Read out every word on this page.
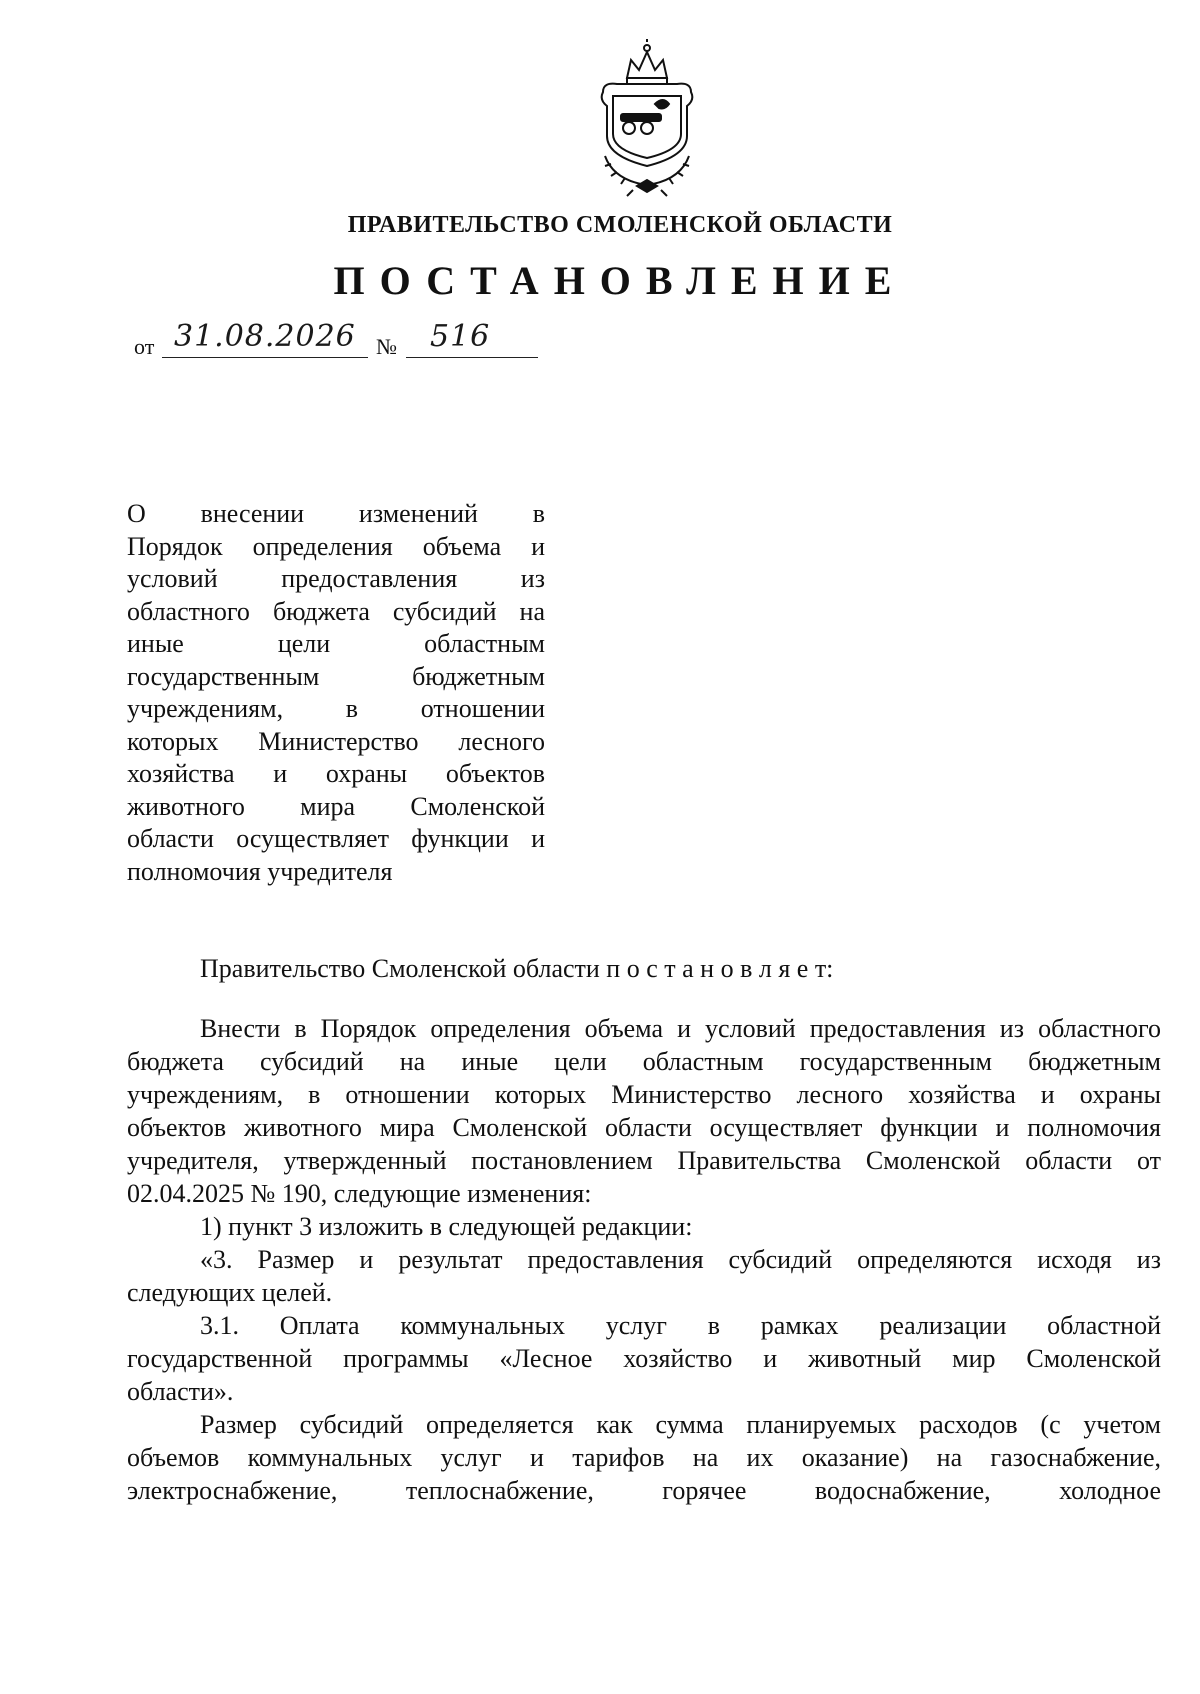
ПРАВИТЕЛЬСТВО СМОЛЕНСКОЙ ОБЛАСТИ
ПОСТАНОВЛЕНИЕ
от 31.08.2026 № 516
О внесении изменений в
Порядок определения объема и
условий предоставления из
областного бюджета субсидий на
иные цели областным
государственным бюджетным
учреждениям, в отношении
которых Министерство лесного
хозяйства и охраны объектов
животного мира Смоленской
области осуществляет функции и
полномочия учредителя
Правительство Смоленской области п о с т а н о в л я е т:
Внести в Порядок определения объема и условий предоставления из областного
бюджета субсидий на иные цели областным государственным бюджетным
учреждениям, в отношении которых Министерство лесного хозяйства и охраны
объектов животного мира Смоленской области осуществляет функции и полномочия
учредителя, утвержденный постановлением Правительства Смоленской области от
02.04.2025 № 190, следующие изменения:
1) пункт 3 изложить в следующей редакции:
«3. Размер и результат предоставления субсидий определяются исходя из
следующих целей.
3.1. Оплата коммунальных услуг в рамках реализации областной
государственной программы «Лесное хозяйство и животный мир Смоленской
области».
Размер субсидий определяется как сумма планируемых расходов (с учетом
объемов коммунальных услуг и тарифов на их оказание) на газоснабжение,
электроснабжение, теплоснабжение, горячее водоснабжение, холодное
